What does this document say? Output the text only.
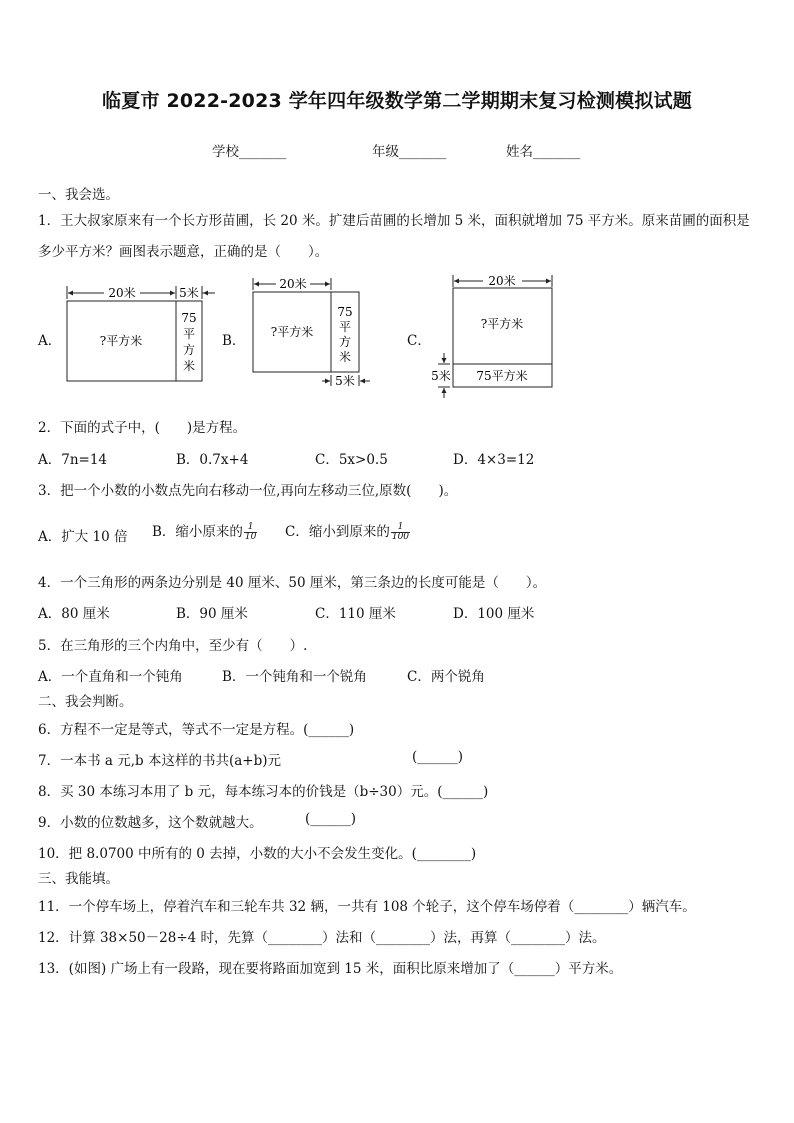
临夏市 2022-2023 学年四年级数学第二学期期末复习检测模拟试题
学校_______	年级_______	姓名_______
一、我会选。
1．王大叔家原来有一个长方形苗圃，长 20 米。扩建后苗圃的长增加 5 米，面积就增加 75 平方米。原来苗圃的面积是
多少平方米？画图表示题意，正确的是（　　）。
A．
20米	5米
?平方米
75
平
方
米
B．
20米
?平方米
75
平
方
米
5米
C．
20米
?平方米
75平方米
5米
2．下面的式子中，(　　)是方程。
A．7n=14	B．0.7x+4	C．5x>0.5	D．4×3=12
3．把一个小数的小数点先向右移动一位,再向左移动三位,原数(　　)。
A．扩大 10 倍 B．缩小原来的 $\frac{1}{10}$ C．缩小到原来的 $\frac{1}{100}$
4．一个三角形的两条边分别是 40 厘米、50 厘米，第三条边的长度可能是（　　）。
A．80 厘米	B．90 厘米	C．110 厘米	D．100 厘米
5．在三角形的三个内角中，至少有（　　）.
A．一个直角和一个钝角	B．一个钝角和一个锐角	C．两个锐角
二、我会判断。
6．方程不一定是等式，等式不一定是方程。(______)
7．一本书 a 元,b 本这样的书共(a+b)元	(______)
8．买 30 本练习本用了 b 元，每本练习本的价钱是（b÷30）元。(______)
9．小数的位数越多，这个数就越大。	(______)
10．把 8.0700 中所有的 0 去掉，小数的大小不会发生变化。(________)
三、我能填。
11．一个停车场上，停着汽车和三轮车共 32 辆，一共有 108 个轮子，这个停车场停着（________）辆汽车。
12．计算 38×50－28÷4 时，先算（________）法和（________）法，再算（________）法。
13．(如图) 广场上有一段路，现在要将路面加宽到 15 米，面积比原来增加了（______）平方米。
